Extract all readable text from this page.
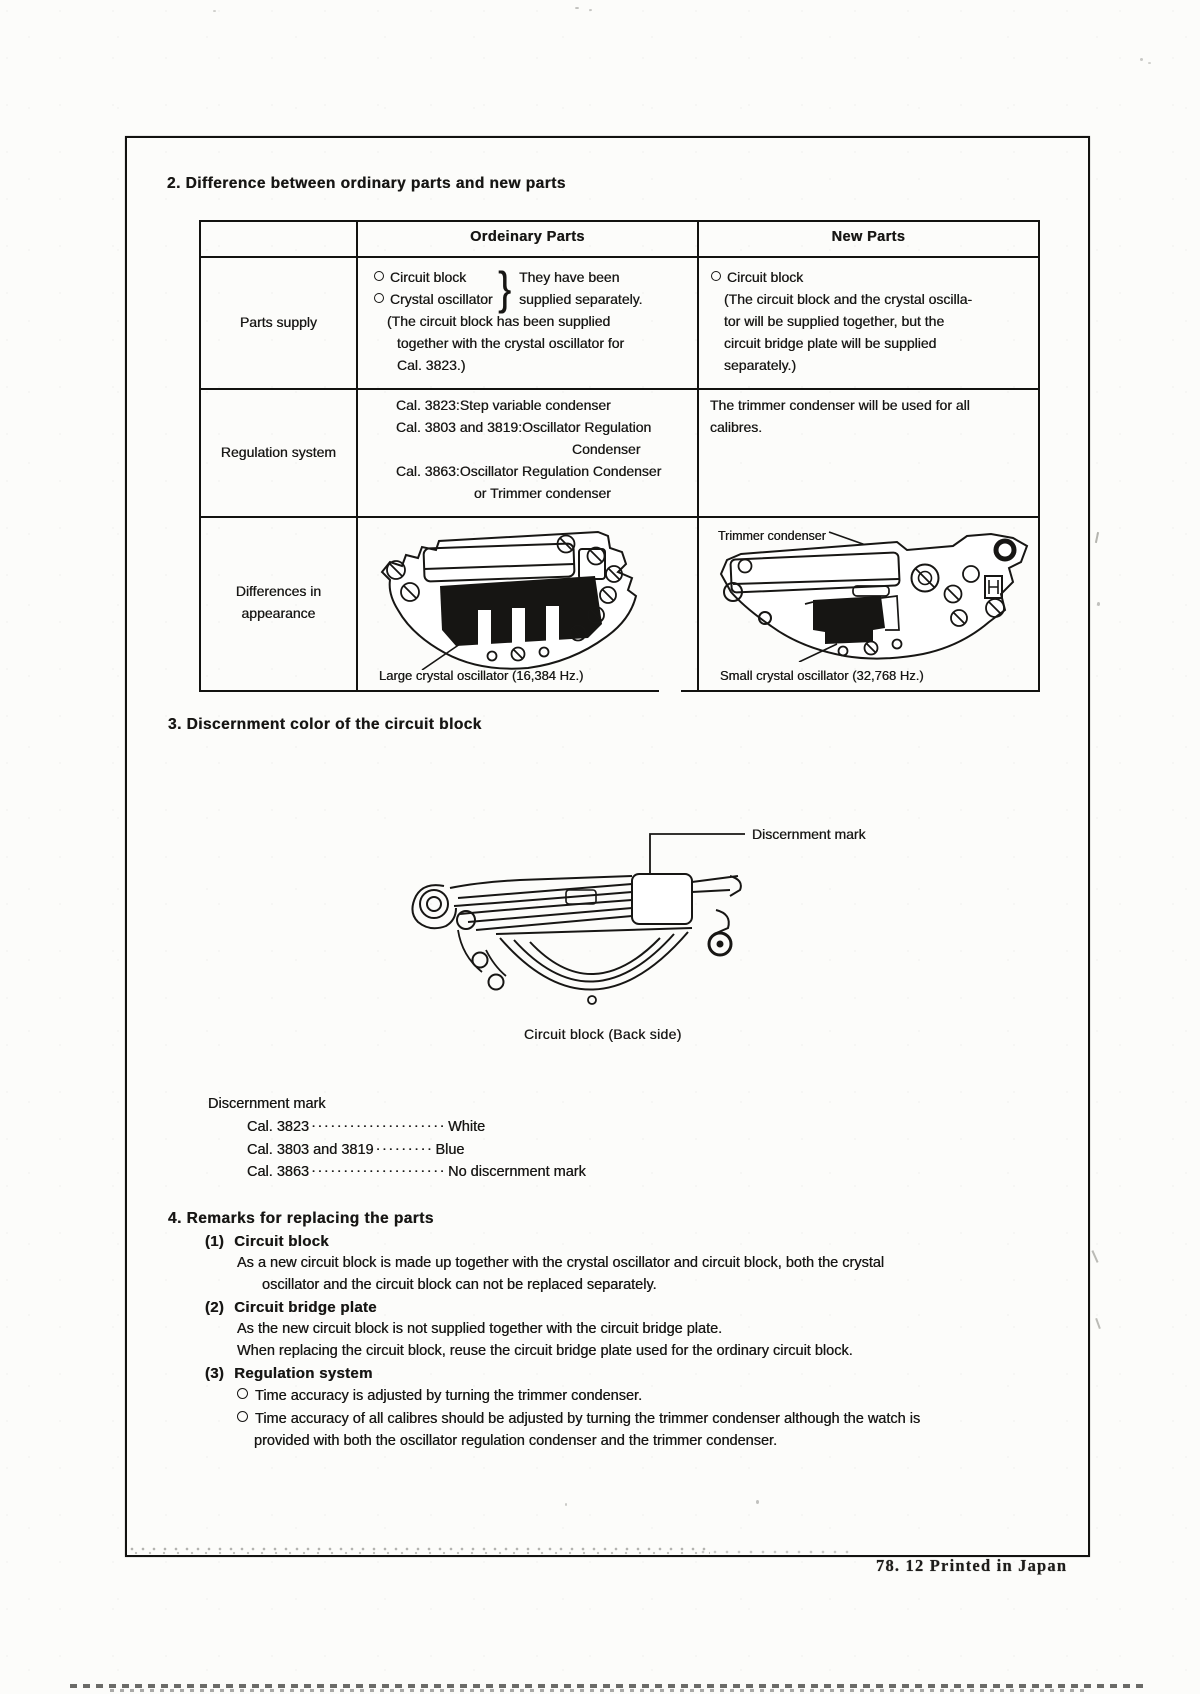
2. Difference between ordinary parts and new parts
Ordeinary Parts	New Parts
Parts supply
Circuit block
Crystal oscillator } They have been
supplied separately.
(The circuit block has been supplied
together with the crystal oscillator for
Cal. 3823.)
Circuit block
(The circuit block and the crystal oscilla-
tor will be supplied together, but the
circuit bridge plate will be supplied
separately.)
Regulation system
Cal. 3823:Step variable condenser
Cal. 3803 and 3819:Oscillator Regulation
Condenser
Cal. 3863:Oscillator Regulation Condenser
or Trimmer condenser
The trimmer condenser will be used for all
calibres.
Differences in
appearance
Large crystal oscillator (16,384 Hz.)
Trimmer condenser
Small crystal oscillator (32,768 Hz.)
3. Discernment color of the circuit block
Discernment mark
Circuit block (Back side)
Discernment mark
Cal. 3823 ····················· White
Cal. 3803 and 3819 ········· Blue
Cal. 3863 ····················· No discernment mark
4. Remarks for replacing the parts
(1) Circuit block
As a new circuit block is made up together with the crystal oscillator and circuit block, both the crystal
oscillator and the circuit block can not be replaced separately.
(2) Circuit bridge plate
As the new circuit block is not supplied together with the circuit bridge plate.
When replacing the circuit block, reuse the circuit bridge plate used for the ordinary circuit block.
(3) Regulation system
Time accuracy is adjusted by turning the trimmer condenser.
Time accuracy of all calibres should be adjusted by turning the trimmer condenser although the watch is
provided with both the oscillator regulation condenser and the trimmer condenser.
78. 12 Printed in Japan
